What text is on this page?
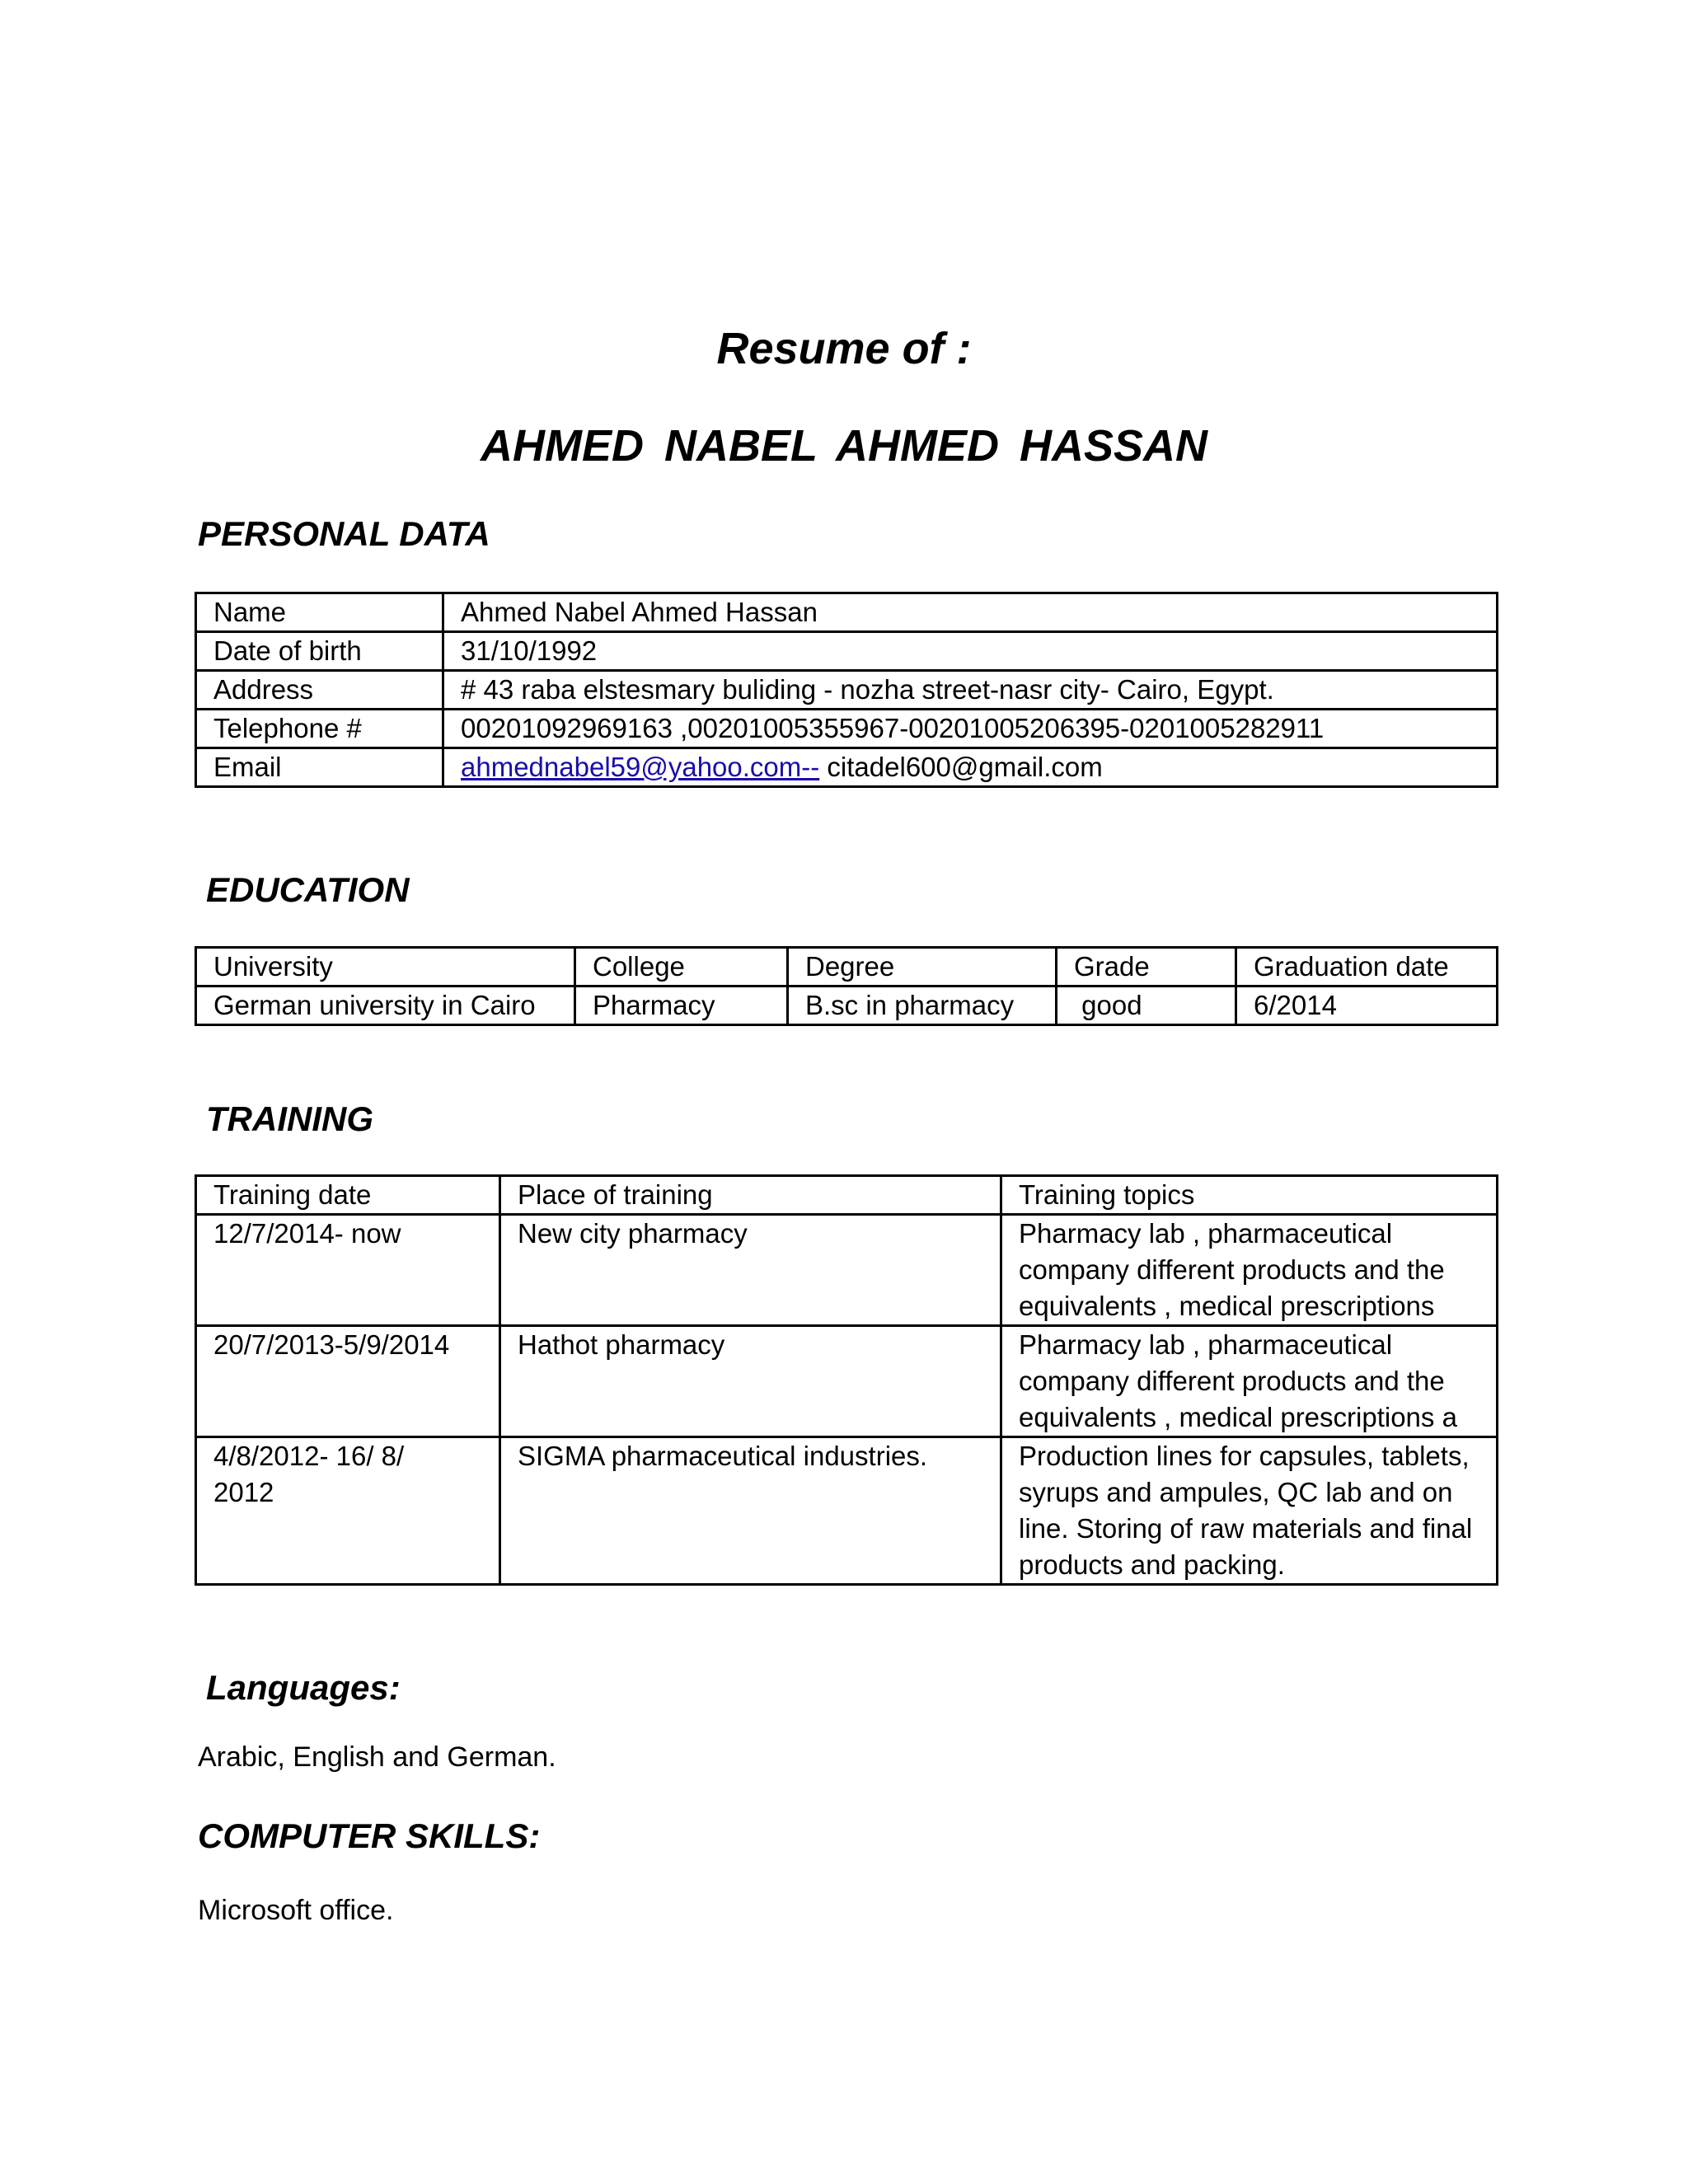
Resume of :
AHMED NABEL AHMED HASSAN
PERSONAL DATA
Name	Ahmed Nabel Ahmed Hassan
Date of birth	31/10/1992
Address	# 43 raba elstesmary buliding - nozha street-nasr city- Cairo, Egypt.
Telephone #	00201092969163 ,00201005355967-00201005206395-0201005282911
Email	ahmednabel59@yahoo.com-- citadel600@gmail.com
EDUCATION
University	College	Degree	Grade	Graduation date
German university in Cairo	Pharmacy	B.sc in pharmacy	good	6/2014
TRAINING
Training date	Place of training	Training topics
12/7/2014- now	New city pharmacy	Pharmacy lab , pharmaceutical company different products and the equivalents , medical prescriptions
20/7/2013-5/9/2014	Hathot pharmacy	Pharmacy lab , pharmaceutical company different products and the equivalents , medical prescriptions a
4/8/2012- 16/ 8/ 2012	SIGMA pharmaceutical industries.	Production lines for capsules, tablets, syrups and ampules, QC lab and on line. Storing of raw materials and final products and packing.
Languages:
Arabic, English and German.
COMPUTER SKILLS:
Microsoft office.
